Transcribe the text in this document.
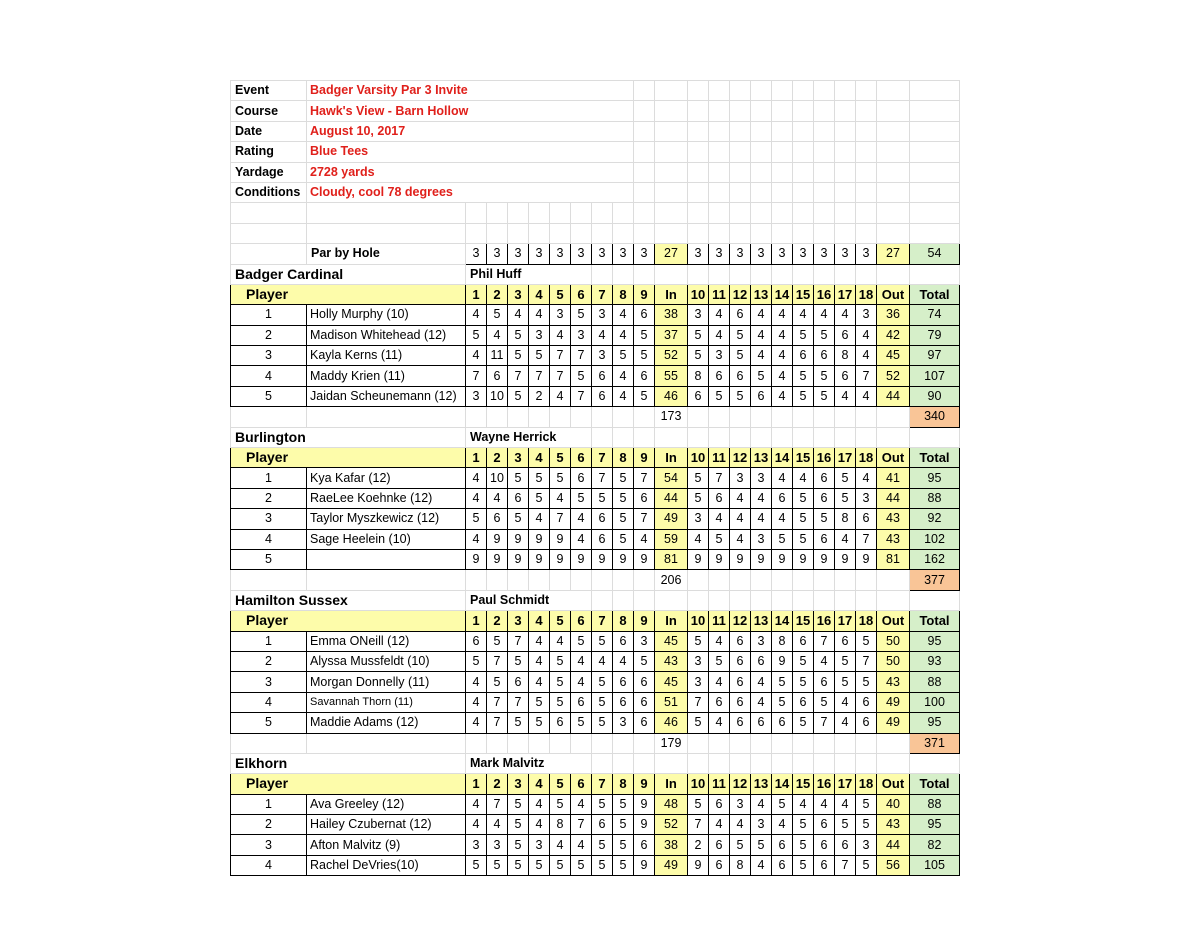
Event	Badger Varsity Par 3 Invite																					
Course	Hawk's View - Barn Hollow																					
Date	August 10, 2017																					
Rating	Blue Tees																					
Yardage	2728 yards																					
Conditions	Cloudy, cool 78 degrees																					

	Par by Hole	3	3	3	3	3	3	3	3	3	27	3	3	3	3	3	3	3	3	3	27	54
Badger Cardinal		Phil Huff																				
Player		1	2	3	4	5	6	7	8	9	In	10	11	12	13	14	15	16	17	18	Out	Total
1	Holly Murphy (10)	4	5	4	4	3	5	3	4	6	38	3	4	6	4	4	4	4	4	3	36	74
2	Madison Whitehead (12)	5	4	5	3	4	3	4	4	5	37	5	4	5	4	4	5	5	6	4	42	79
3	Kayla Kerns (11)	4	11	5	5	7	7	3	5	5	52	5	3	5	4	4	6	6	8	4	45	97
4	Maddy Krien (11)	7	6	7	7	7	5	6	4	6	55	8	6	6	5	4	5	5	6	7	52	107
5	Jaidan Scheunemann (12)	3	10	5	2	4	7	6	4	5	46	6	5	5	6	4	5	5	4	4	44	90
											173											340
Burlington		Wayne Herrick																				
Player		1	2	3	4	5	6	7	8	9	In	10	11	12	13	14	15	16	17	18	Out	Total
1	Kya Kafar (12)	4	10	5	5	5	6	7	5	7	54	5	7	3	3	4	4	6	5	4	41	95
2	RaeLee Koehnke (12)	4	4	6	5	4	5	5	5	6	44	5	6	4	4	6	5	6	5	3	44	88
3	Taylor Myszkewicz (12)	5	6	5	4	7	4	6	5	7	49	3	4	4	4	4	5	5	8	6	43	92
4	Sage Heelein (10)	4	9	9	9	9	4	6	5	4	59	4	5	4	3	5	5	6	4	7	43	102
5		9	9	9	9	9	9	9	9	9	81	9	9	9	9	9	9	9	9	9	81	162
											206											377
Hamilton Sussex		Paul Schmidt																				
Player		1	2	3	4	5	6	7	8	9	In	10	11	12	13	14	15	16	17	18	Out	Total
1	Emma ONeill (12)	6	5	7	4	4	5	5	6	3	45	5	4	6	3	8	6	7	6	5	50	95
2	Alyssa Mussfeldt (10)	5	7	5	4	5	4	4	4	5	43	3	5	6	6	9	5	4	5	7	50	93
3	Morgan Donnelly (11)	4	5	6	4	5	4	5	6	6	45	3	4	6	4	5	5	6	5	5	43	88
4	Savannah Thorn (11)	4	7	7	5	5	6	5	6	6	51	7	6	6	4	5	6	5	4	6	49	100
5	Maddie Adams (12)	4	7	5	5	6	5	5	3	6	46	5	4	6	6	6	5	7	4	6	49	95
											179											371
Elkhorn		Mark Malvitz																				
Player		1	2	3	4	5	6	7	8	9	In	10	11	12	13	14	15	16	17	18	Out	Total
1	Ava Greeley (12)	4	7	5	4	5	4	5	5	9	48	5	6	3	4	5	4	4	4	5	40	88
2	Hailey Czubernat (12)	4	4	5	4	8	7	6	5	9	52	7	4	4	3	4	5	6	5	5	43	95
3	Afton Malvitz (9)	3	3	5	3	4	4	5	5	6	38	2	6	5	5	6	5	6	6	3	44	82
4	Rachel DeVries(10)	5	5	5	5	5	5	5	5	9	49	9	6	8	4	6	5	6	7	5	56	105
